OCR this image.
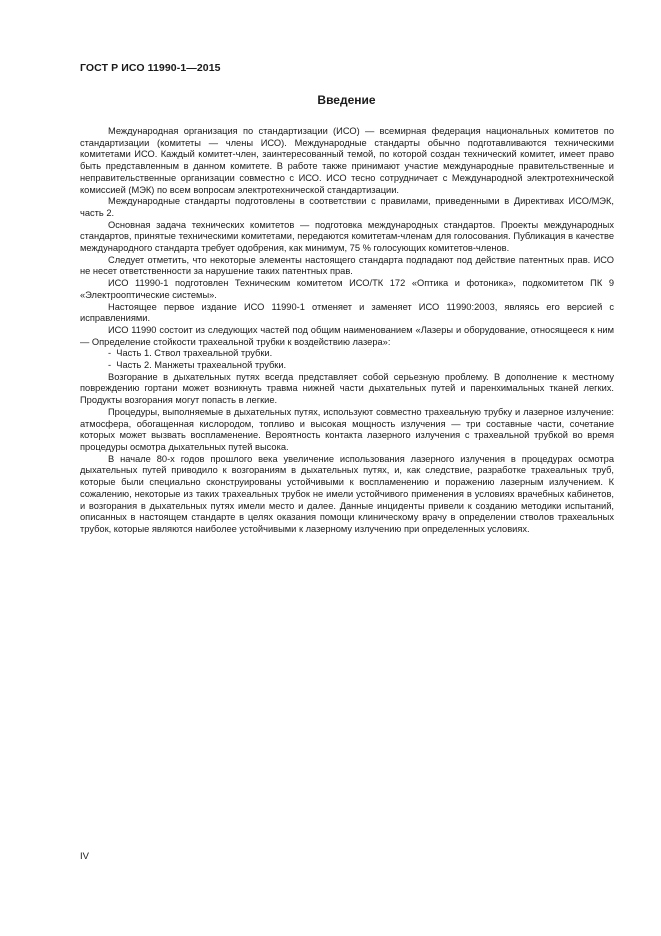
ГОСТ Р ИСО 11990-1—2015
Введение

Международная организация по стандартизации (ИСО) — всемирная федерация национальных комитетов по стандартизации (комитеты — члены ИСО). Международные стандарты обычно подготавливаются техническими комитетами ИСО. Каждый комитет-член, заинтересованный темой, по которой создан технический комитет, имеет право быть представленным в данном комитете. В работе также принимают участие международные правительственные и неправительственные организации совместно с ИСО. ИСО тесно сотрудничает с Международной электротехнической комиссией (МЭК) по всем вопросам электротехнической стандартизации.

Международные стандарты подготовлены в соответствии с правилами, приведенными в Директивах ИСО/МЭК, часть 2.

Основная задача технических комитетов — подготовка международных стандартов. Проекты международных стандартов, принятые техническими комитетами, передаются комитетам-членам для голосования. Публикация в качестве международного стандарта требует одобрения, как минимум, 75 % голосующих комитетов-членов.

Следует отметить, что некоторые элементы настоящего стандарта подпадают под действие патентных прав. ИСО не несет ответственности за нарушение таких патентных прав.

ИСО 11990-1 подготовлен Техническим комитетом ИСО/ТК 172 «Оптика и фотоника», подкомитетом ПК 9 «Электрооптические системы».

Настоящее первое издание ИСО 11990-1 отменяет и заменяет ИСО 11990:2003, являясь его версией с исправлениями.

ИСО 11990 состоит из следующих частей под общим наименованием «Лазеры и оборудование, относящееся к ним — Определение стойкости трахеальной трубки к воздействию лазера»:

-  Часть 1. Ствол трахеальной трубки.
-  Часть 2. Манжеты трахеальной трубки.

Возгорание в дыхательных путях всегда представляет собой серьезную проблему. В дополнение к местному повреждению гортани может возникнуть травма нижней части дыхательных путей и паренхимальных тканей легких. Продукты возгорания могут попасть в легкие.

Процедуры, выполняемые в дыхательных путях, используют совместно трахеальную трубку и лазерное излучение: атмосфера, обогащенная кислородом, топливо и высокая мощность излучения — три составные части, сочетание которых может вызвать воспламенение. Вероятность контакта лазерного излучения с трахеальной трубкой во время процедуры осмотра дыхательных путей высока.

В начале 80-х годов прошлого века увеличение использования лазерного излучения в процедурах осмотра дыхательных путей приводило к возгораниям в дыхательных путях, и, как следствие, разработке трахеальных труб, которые были специально сконструированы устойчивыми к воспламенению и поражению лазерным излучением. К сожалению, некоторые из таких трахеальных трубок не имели устойчивого применения в условиях врачебных кабинетов, и возгорания в дыхательных путях имели место и далее. Данные инциденты привели к созданию методики испытаний, описанных в настоящем стандарте в целях оказания помощи клиническому врачу в определении стволов трахеальных трубок, которые являются наиболее устойчивыми к лазерному излучению при определенных условиях.

IV
